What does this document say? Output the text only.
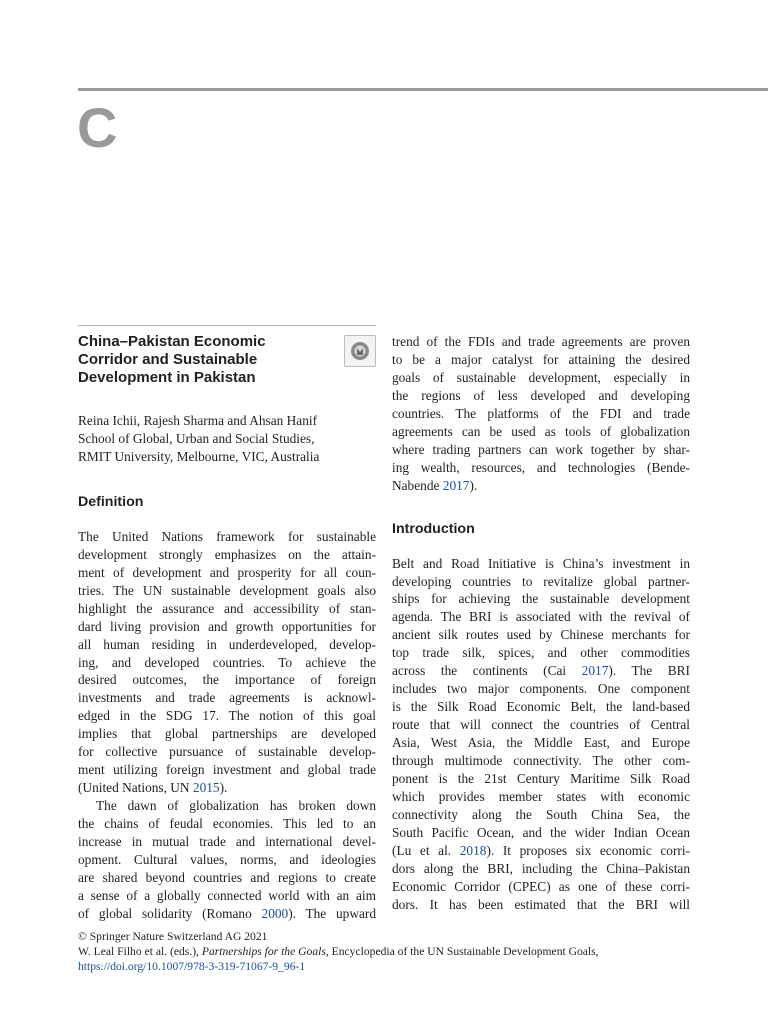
C
China–Pakistan Economic
Corridor and Sustainable
Development in Pakistan
Reina Ichii, Rajesh Sharma and Ahsan Hanif
School of Global, Urban and Social Studies,
RMIT University, Melbourne, VIC, Australia
Definition

The United Nations framework for sustainable
development strongly emphasizes on the attain-
ment of development and prosperity for all coun-
tries. The UN sustainable development goals also
highlight the assurance and accessibility of stan-
dard living provision and growth opportunities for
all human residing in underdeveloped, develop-
ing, and developed countries. To achieve the
desired outcomes, the importance of foreign
investments and trade agreements is acknowl-
edged in the SDG 17. The notion of this goal
implies that global partnerships are developed
for collective pursuance of sustainable develop-
ment utilizing foreign investment and global trade
(United Nations, UN 2015).

The dawn of globalization has broken down
the chains of feudal economies. This led to an
increase in mutual trade and international devel-
opment. Cultural values, norms, and ideologies
are shared beyond countries and regions to create
a sense of a globally connected world with an aim
of global solidarity (Romano 2000). The upward

trend of the FDIs and trade agreements are proven
to be a major catalyst for attaining the desired
goals of sustainable development, especially in
the regions of less developed and developing
countries. The platforms of the FDI and trade
agreements can be used as tools of globalization
where trading partners can work together by shar-
ing wealth, resources, and technologies (Bende-
Nabende 2017).

Introduction

Belt and Road Initiative is China’s investment in
developing countries to revitalize global partner-
ships for achieving the sustainable development
agenda. The BRI is associated with the revival of
ancient silk routes used by Chinese merchants for
top trade silk, spices, and other commodities
across the continents (Cai 2017). The BRI
includes two major components. One component
is the Silk Road Economic Belt, the land-based
route that will connect the countries of Central
Asia, West Asia, the Middle East, and Europe
through multimode connectivity. The other com-
ponent is the 21st Century Maritime Silk Road
which provides member states with economic
connectivity along the South China Sea, the
South Pacific Ocean, and the wider Indian Ocean
(Lu et al. 2018). It proposes six economic corri-
dors along the BRI, including the China–Pakistan
Economic Corridor (CPEC) as one of these corri-
dors. It has been estimated that the BRI will

© Springer Nature Switzerland AG 2021
W. Leal Filho et al. (eds.), Partnerships for the Goals, Encyclopedia of the UN Sustainable Development Goals,
https://doi.org/10.1007/978-3-319-71067-9_96-1
